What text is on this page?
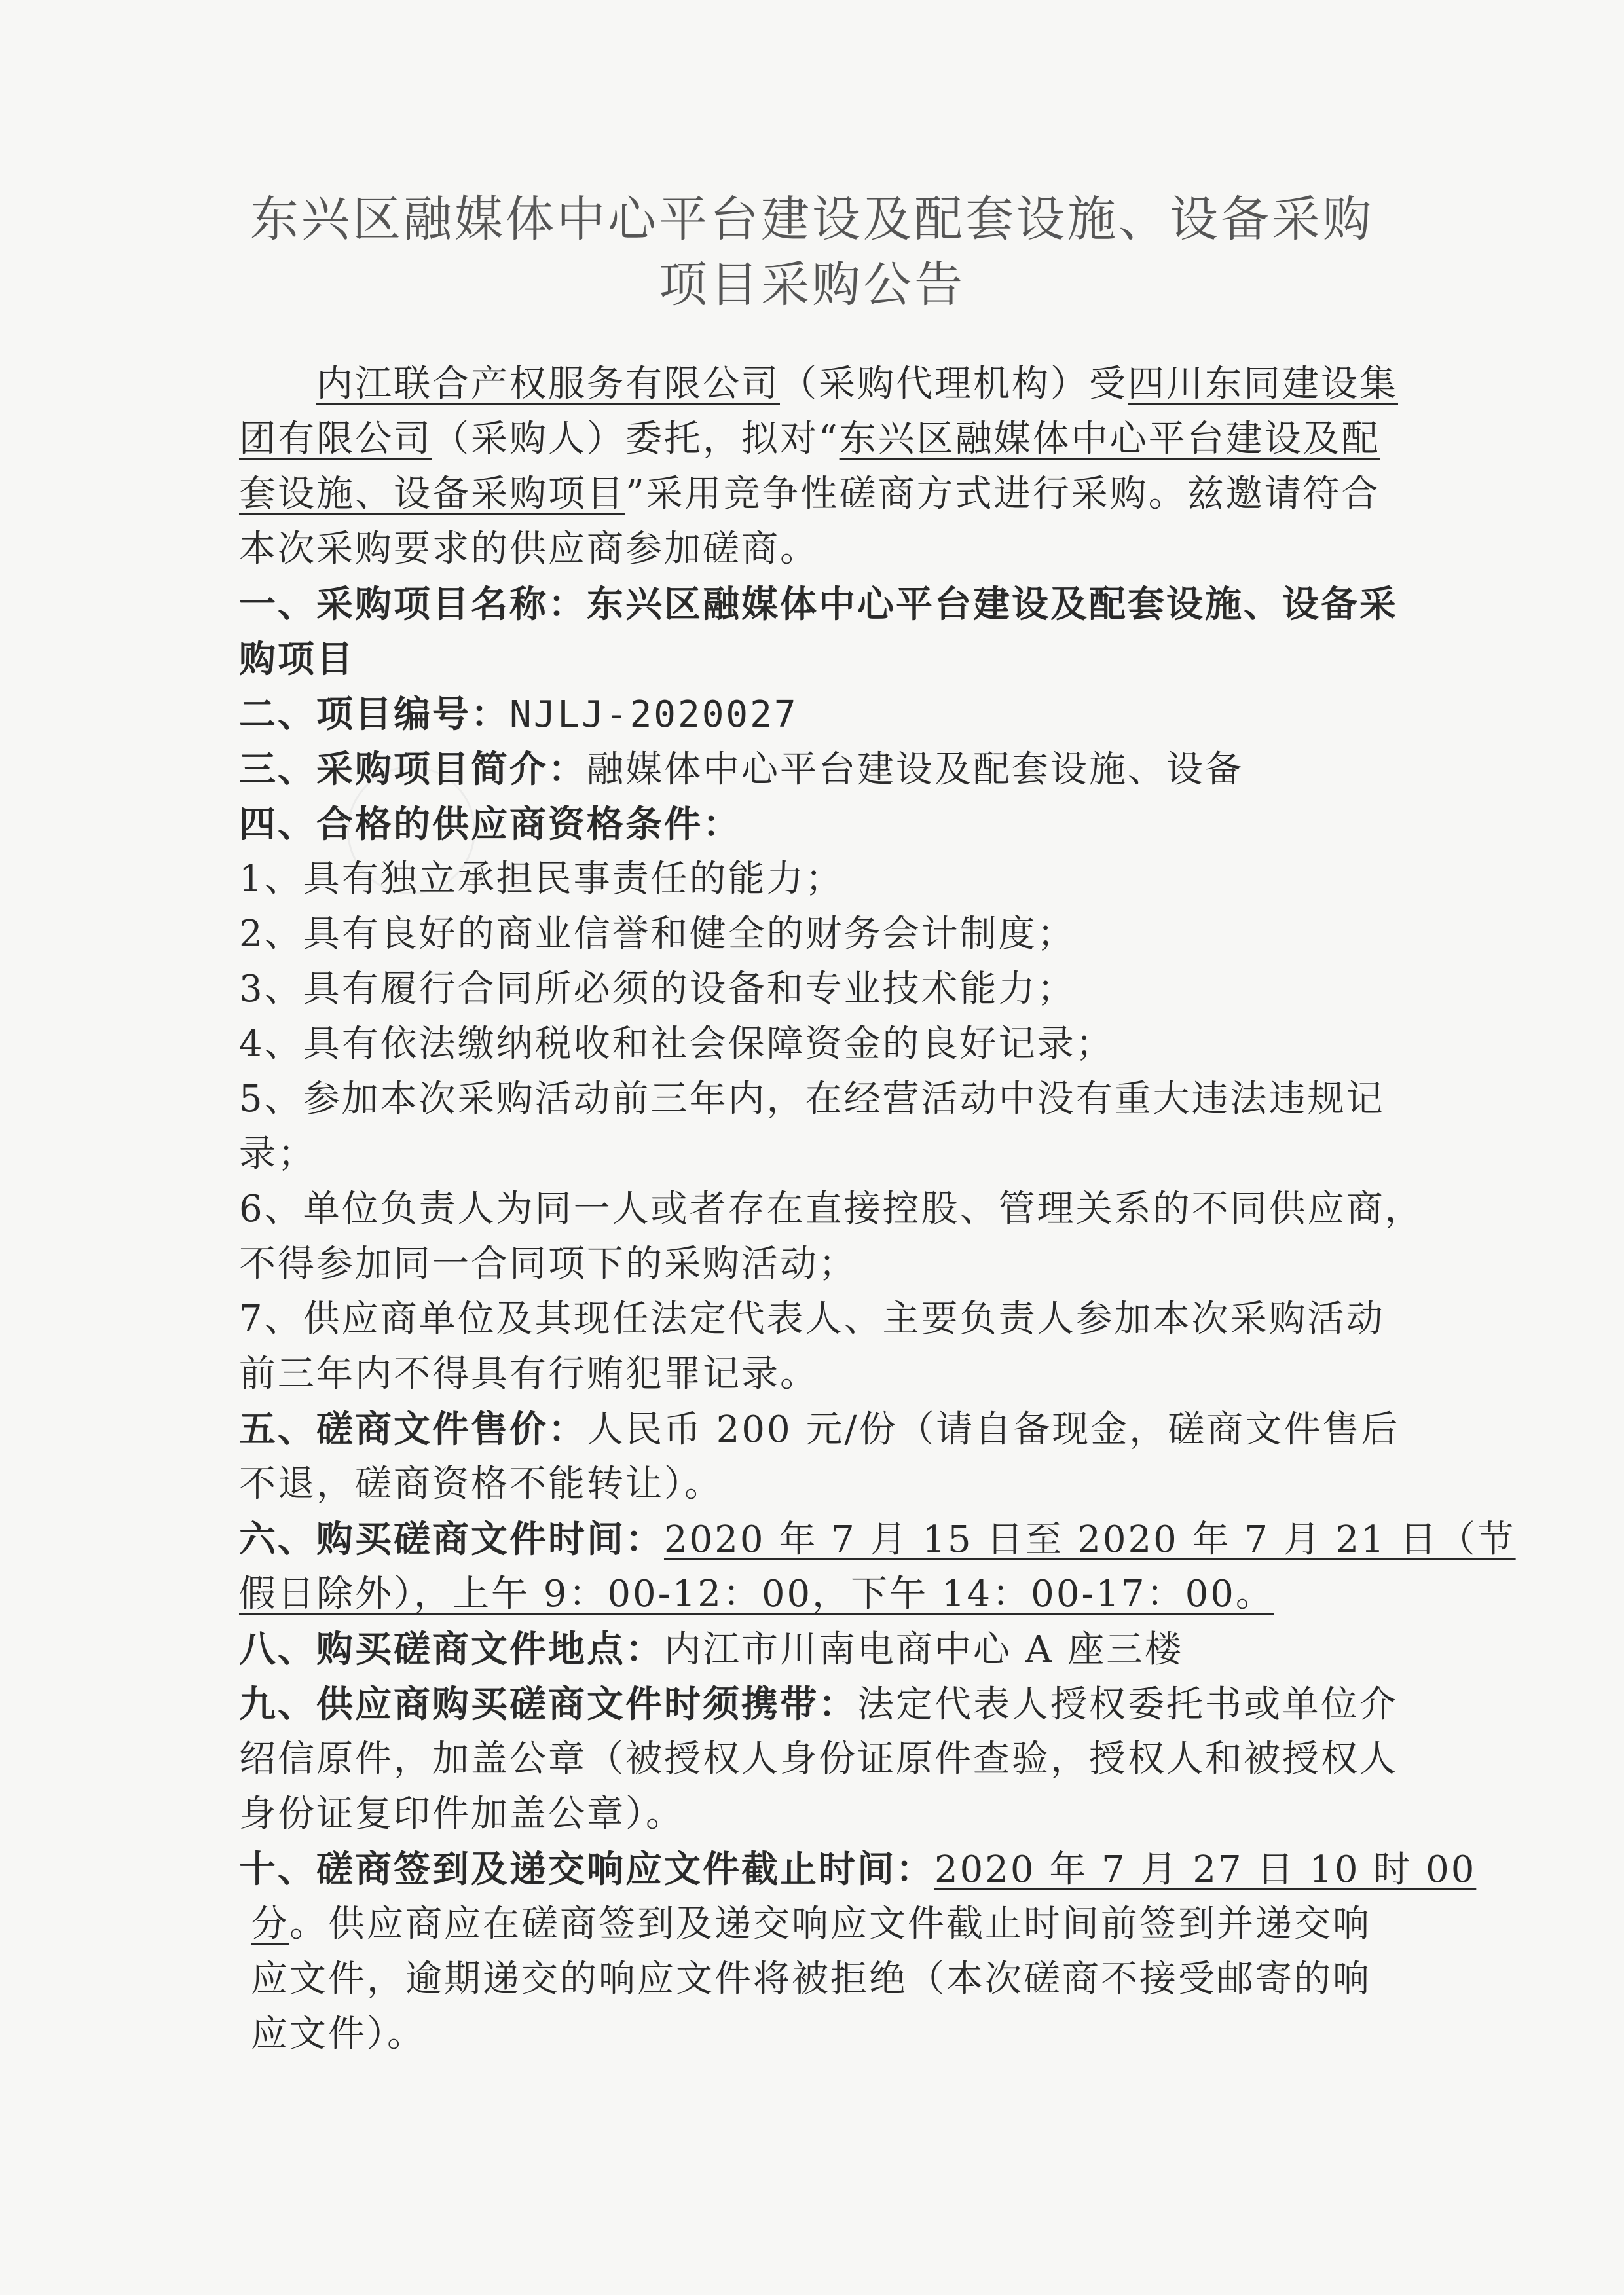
东兴区融媒体中心平台建设及配套设施、设备采购
项目采购公告
内江联合产权服务有限公司（采购代理机构）受四川东同建设集
团有限公司（采购人）委托，拟对“东兴区融媒体中心平台建设及配
套设施、设备采购项目”采用竞争性磋商方式进行采购。兹邀请符合
本次采购要求的供应商参加磋商。
一、采购项目名称：东兴区融媒体中心平台建设及配套设施、设备采
购项目
二、项目编号：NJLJ-2020027
三、采购项目简介：融媒体中心平台建设及配套设施、设备
四、合格的供应商资格条件：
1、具有独立承担民事责任的能力；
2、具有良好的商业信誉和健全的财务会计制度；
3、具有履行合同所必须的设备和专业技术能力；
4、具有依法缴纳税收和社会保障资金的良好记录；
5、参加本次采购活动前三年内，在经营活动中没有重大违法违规记
录；
6、单位负责人为同一人或者存在直接控股、管理关系的不同供应商，
不得参加同一合同项下的采购活动；
7、供应商单位及其现任法定代表人、主要负责人参加本次采购活动
前三年内不得具有行贿犯罪记录。
五、磋商文件售价：人民币 200 元/份（请自备现金，磋商文件售后
不退，磋商资格不能转让）。
六、购买磋商文件时间：2020 年 7 月 15 日至 2020 年 7 月 21 日（节
假日除外），上午 9：00-12：00，下午 14：00-17：00。
八、购买磋商文件地点：内江市川南电商中心 A 座三楼
九、供应商购买磋商文件时须携带：法定代表人授权委托书或单位介
绍信原件，加盖公章（被授权人身份证原件查验，授权人和被授权人
身份证复印件加盖公章）。
十、磋商签到及递交响应文件截止时间：2020 年 7 月 27 日 10 时 00
分。供应商应在磋商签到及递交响应文件截止时间前签到并递交响
应文件，逾期递交的响应文件将被拒绝（本次磋商不接受邮寄的响
应文件）。
